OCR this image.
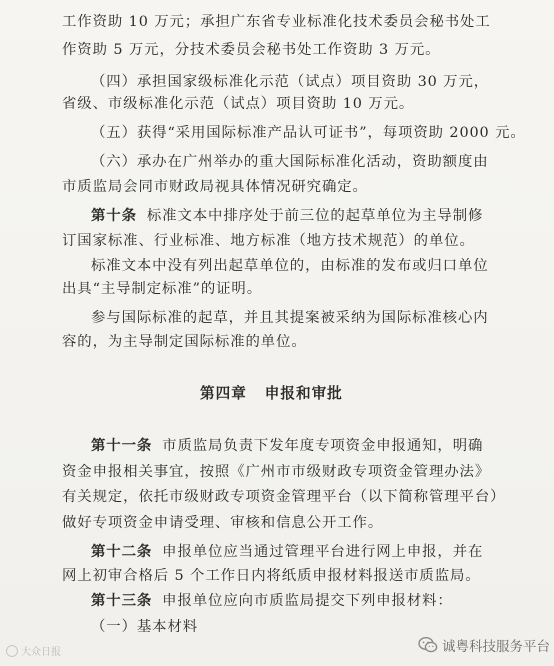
工作资助 10 万元；承担广东省专业标准化技术委员会秘书处工
作资助 5 万元，分技术委员会秘书处工作资助 3 万元。
（四）承担国家级标准化示范（试点）项目资助 30 万元，
省级、市级标准化示范（试点）项目资助 10 万元。
（五）获得“采用国际标准产品认可证书”，每项资助 2000 元。
（六）承办在广州举办的重大国际标准化活动，资助额度由
市质监局会同市财政局视具体情况研究确定。
第十条 标准文本中排序处于前三位的起草单位为主导制修
订国家标准、行业标准、地方标准（地方技术规范）的单位。
标准文本中没有列出起草单位的，由标准的发布或归口单位
出具“主导制定标准”的证明。
参与国际标准的起草，并且其提案被采纳为国际标准核心内
容的，为主导制定国际标准的单位。
第四章 申报和审批
第十一条 市质监局负责下发年度专项资金申报通知，明确
资金申报相关事宜，按照《广州市市级财政专项资金管理办法》
有关规定，依托市级财政专项资金管理平台（以下简称管理平台）
做好专项资金申请受理、审核和信息公开工作。
第十二条 申报单位应当通过管理平台进行网上申报，并在
网上初审合格后 5 个工作日内将纸质申报材料报送市质监局。
第十三条 申报单位应向市质监局提交下列申报材料：
（一）基本材料
大众日报	诚粤科技服务平台
